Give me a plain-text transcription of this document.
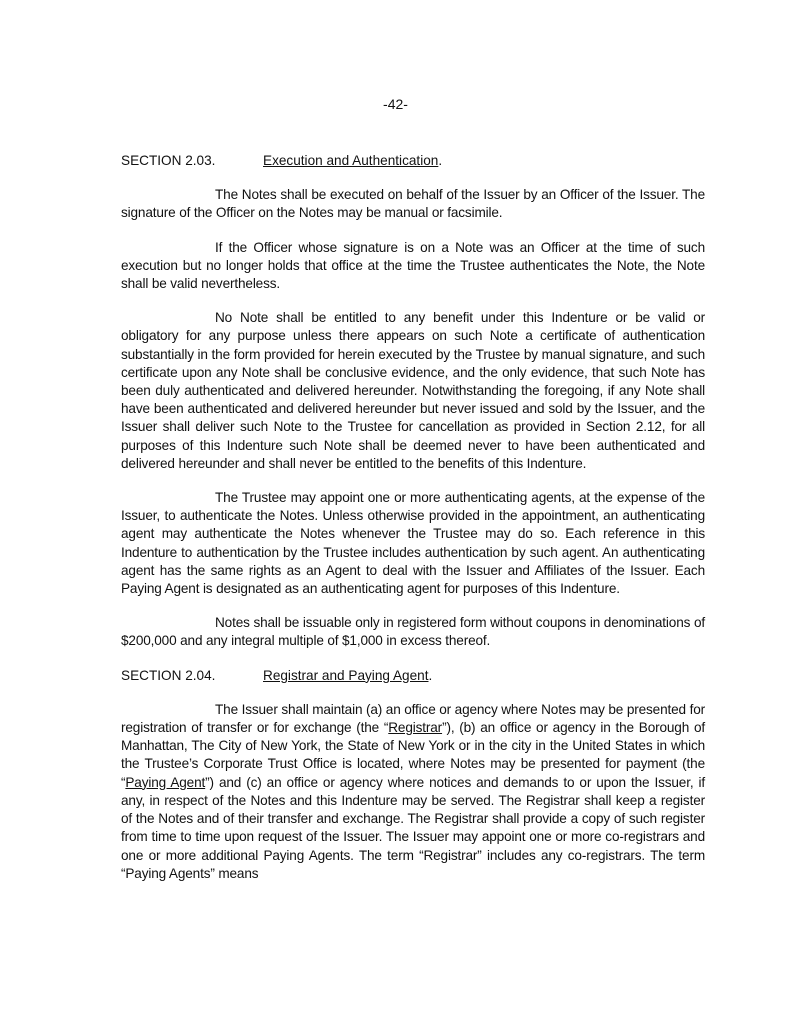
-42-
SECTION 2.03.	Execution and Authentication.

The Notes shall be executed on behalf of the Issuer by an Officer of the Issuer. The signature of the Officer on the Notes may be manual or facsimile.

If the Officer whose signature is on a Note was an Officer at the time of such execution but no longer holds that office at the time the Trustee authenticates the Note, the Note shall be valid nevertheless.

No Note shall be entitled to any benefit under this Indenture or be valid or obligatory for any purpose unless there appears on such Note a certificate of authentication substantially in the form provided for herein executed by the Trustee by manual signature, and such certificate upon any Note shall be conclusive evidence, and the only evidence, that such Note has been duly authenticated and delivered hereunder. Notwithstanding the foregoing, if any Note shall have been authenticated and delivered hereunder but never issued and sold by the Issuer, and the Issuer shall deliver such Note to the Trustee for cancellation as provided in Section 2.12, for all purposes of this Indenture such Note shall be deemed never to have been authenticated and delivered hereunder and shall never be entitled to the benefits of this Indenture.

The Trustee may appoint one or more authenticating agents, at the expense of the Issuer, to authenticate the Notes. Unless otherwise provided in the appointment, an authenticating agent may authenticate the Notes whenever the Trustee may do so. Each reference in this Indenture to authentication by the Trustee includes authentication by such agent. An authenticating agent has the same rights as an Agent to deal with the Issuer and Affiliates of the Issuer. Each Paying Agent is designated as an authenticating agent for purposes of this Indenture.

Notes shall be issuable only in registered form without coupons in denominations of $200,000 and any integral multiple of $1,000 in excess thereof.

SECTION 2.04.	Registrar and Paying Agent.

The Issuer shall maintain (a) an office or agency where Notes may be presented for registration of transfer or for exchange (the “Registrar”), (b) an office or agency in the Borough of Manhattan, The City of New York, the State of New York or in the city in the United States in which the Trustee’s Corporate Trust Office is located, where Notes may be presented for payment (the “Paying Agent”) and (c) an office or agency where notices and demands to or upon the Issuer, if any, in respect of the Notes and this Indenture may be served. The Registrar shall keep a register of the Notes and of their transfer and exchange. The Registrar shall provide a copy of such register from time to time upon request of the Issuer. The Issuer may appoint one or more co-registrars and one or more additional Paying Agents. The term “Registrar” includes any co-registrars. The term “Paying Agents” means
